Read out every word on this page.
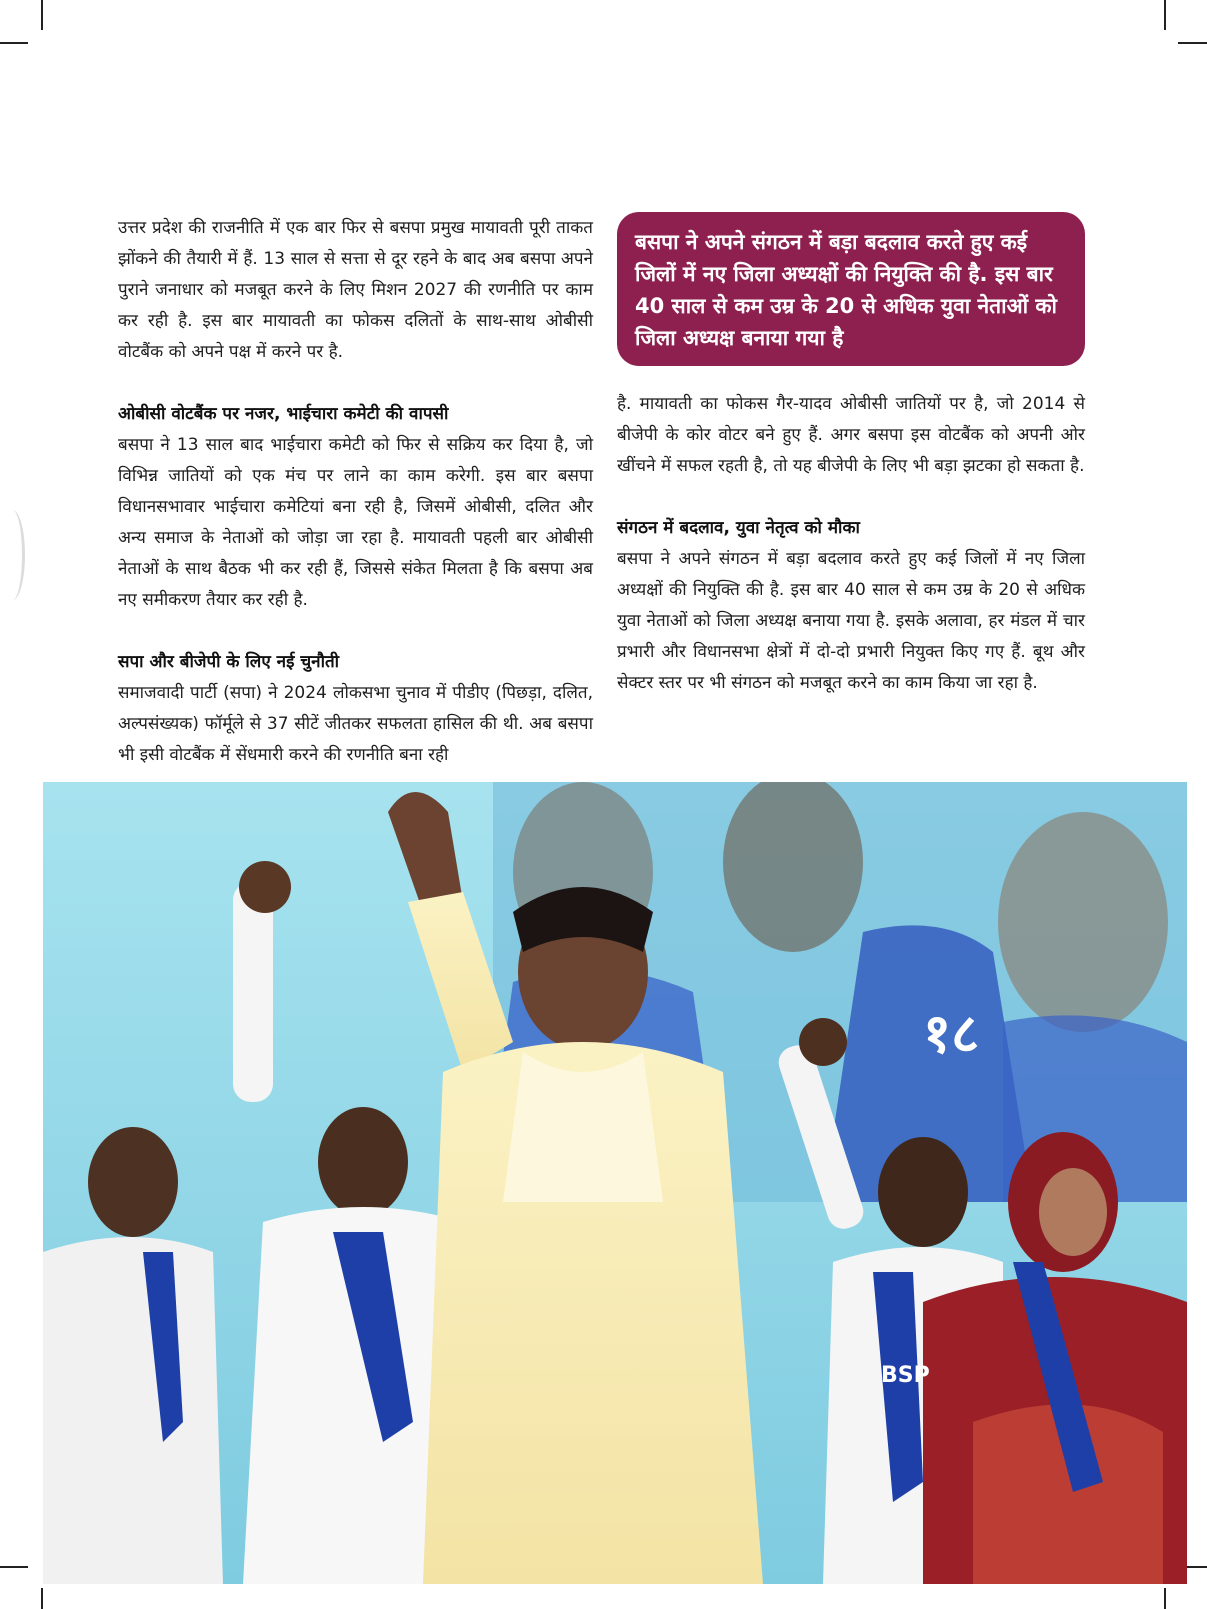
उत्तर प्रदेश की राजनीति में एक बार फिर से बसपा प्रमुख मायावती पूरी ताकत झोंकने की तैयारी में हैं. 13 साल से सत्ता से दूर रहने के बाद अब बसपा अपने पुराने जनाधार को मजबूत करने के लिए मिशन 2027 की रणनीति पर काम कर रही है. इस बार मायावती का फोकस दलितों के साथ-साथ ओबीसी वोटबैंक को अपने पक्ष में करने पर है.

ओबीसी वोटबैंक पर नजर, भाईचारा कमेटी की वापसी

बसपा ने 13 साल बाद भाईचारा कमेटी को फिर से सक्रिय कर दिया है, जो विभिन्न जातियों को एक मंच पर लाने का काम करेगी. इस बार बसपा विधानसभावार भाईचारा कमेटियां बना रही है, जिसमें ओबीसी, दलित और अन्य समाज के नेताओं को जोड़ा जा रहा है. मायावती पहली बार ओबीसी नेताओं के साथ बैठक भी कर रही हैं, जिससे संकेत मिलता है कि बसपा अब नए समीकरण तैयार कर रही है.

सपा और बीजेपी के लिए नई चुनौती

समाजवादी पार्टी (सपा) ने 2024 लोकसभा चुनाव में पीडीए (पिछड़ा, दलित, अल्पसंख्यक) फॉर्मूले से 37 सीटें जीतकर सफलता हासिल की थी. अब बसपा भी इसी वोटबैंक में सेंधमारी करने की रणनीति बना रही

बसपा ने अपने संगठन में बड़ा बदलाव करते हुए कई जिलों में नए जिला अध्यक्षों की नियुक्ति की है. इस बार 40 साल से कम उम्र के 20 से अधिक युवा नेताओं को जिला अध्यक्ष बनाया गया है

है. मायावती का फोकस गैर-यादव ओबीसी जातियों पर है, जो 2014 से बीजेपी के कोर वोटर बने हुए हैं. अगर बसपा इस वोटबैंक को अपनी ओर खींचने में सफल रहती है, तो यह बीजेपी के लिए भी बड़ा झटका हो सकता है.

संगठन में बदलाव, युवा नेतृत्व को मौका

बसपा ने अपने संगठन में बड़ा बदलाव करते हुए कई जिलों में नए जिला अध्यक्षों की नियुक्ति की है. इस बार 40 साल से कम उम्र के 20 से अधिक युवा नेताओं को जिला अध्यक्ष बनाया गया है. इसके अलावा, हर मंडल में चार प्रभारी और विधानसभा क्षेत्रों में दो-दो प्रभारी नियुक्त किए गए हैं. बूथ और सेक्टर स्तर पर भी संगठन को मजबूत करने का काम किया जा रहा है.

१८
BSP
